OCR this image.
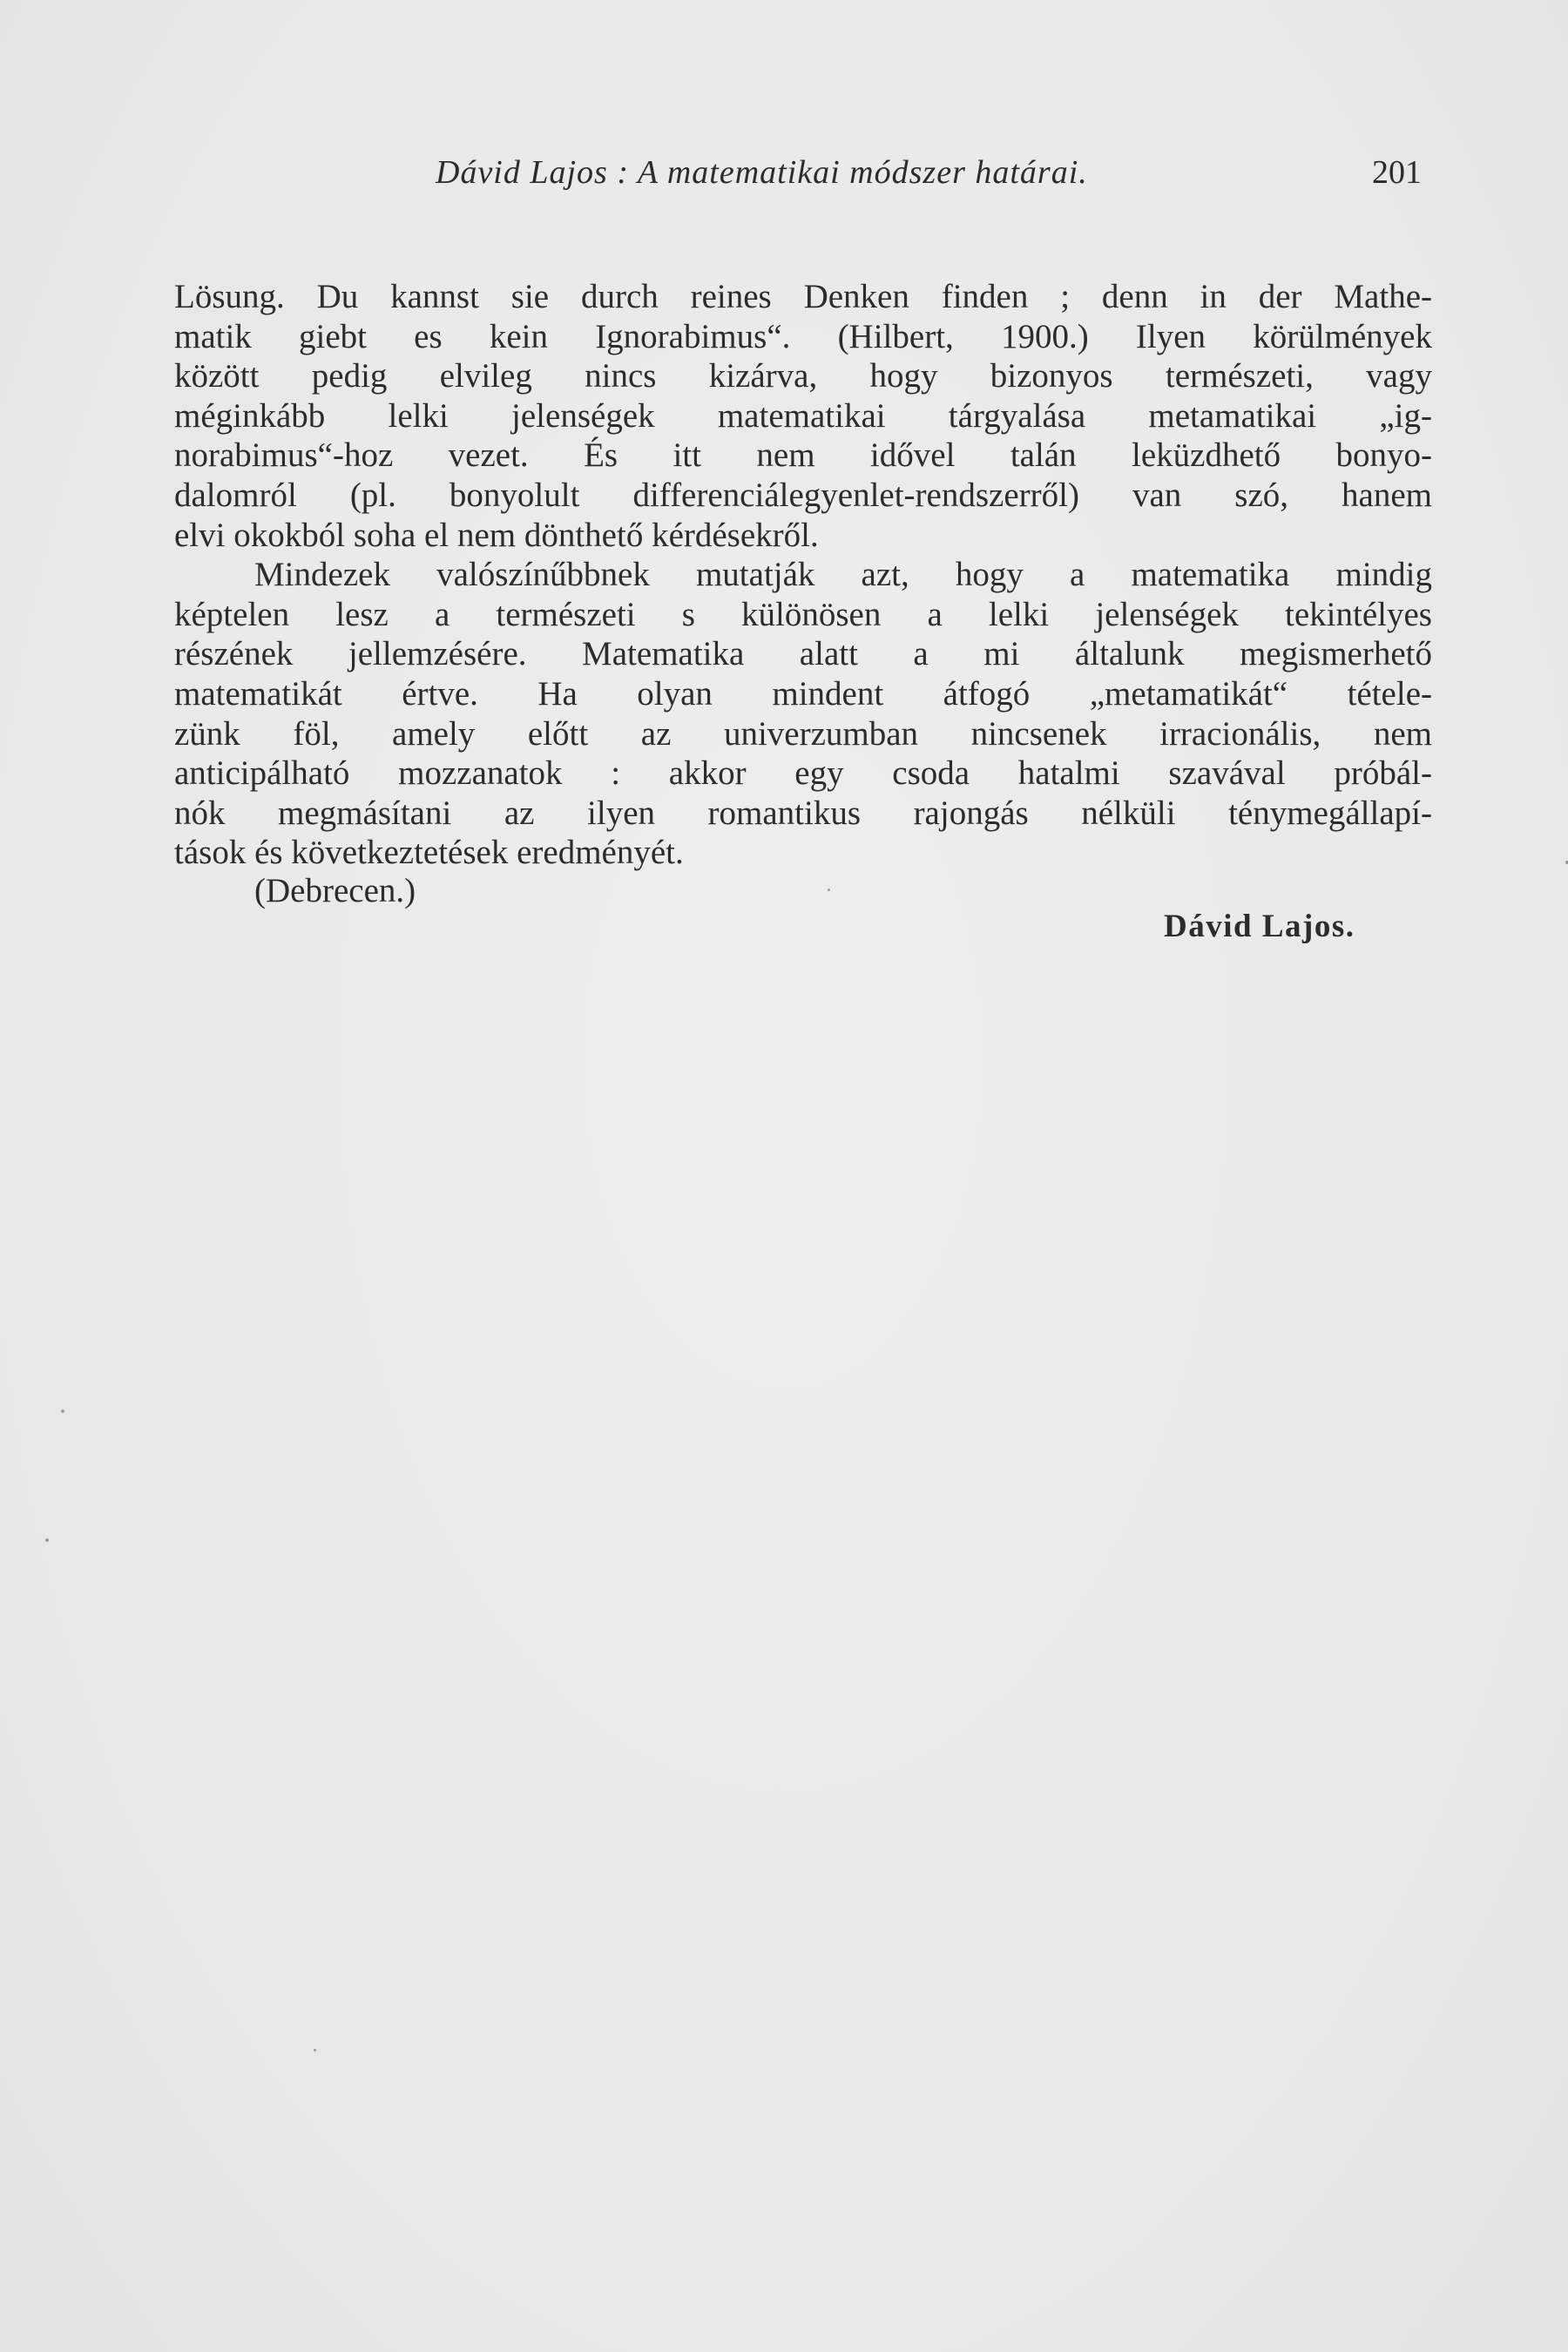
Dávid Lajos : A matematikai módszer határai.	201
Lösung. Du kannst sie durch reines Denken finden ; denn in der Mathe-
matik giebt es kein Ignorabimus“. (Hilbert, 1900.) Ilyen körülmények
között pedig elvileg nincs kizárva, hogy bizonyos természeti, vagy
méginkább lelki jelenségek matematikai tárgyalása metamatikai „ig-
norabimus“-hoz vezet. És itt nem idővel talán leküzdhető bonyo-
dalomról (pl. bonyolult differenciálegyenlet-rendszerről) van szó, hanem
elvi okokból soha el nem dönthető kérdésekről.
Mindezek valószínűbbnek mutatják azt, hogy a matematika mindig
képtelen lesz a természeti s különösen a lelki jelenségek tekintélyes
részének jellemzésére. Matematika alatt a mi általunk megismerhető
matematikát értve. Ha olyan mindent átfogó „metamatikát“ tétele-
zünk föl, amely előtt az univerzumban nincsenek irracionális, nem
anticipálható mozzanatok : akkor egy csoda hatalmi szavával próbál-
nók megmásítani az ilyen romantikus rajongás nélküli ténymegállapí-
tások és következtetések eredményét.
(Debrecen.)
Dávid Lajos.
